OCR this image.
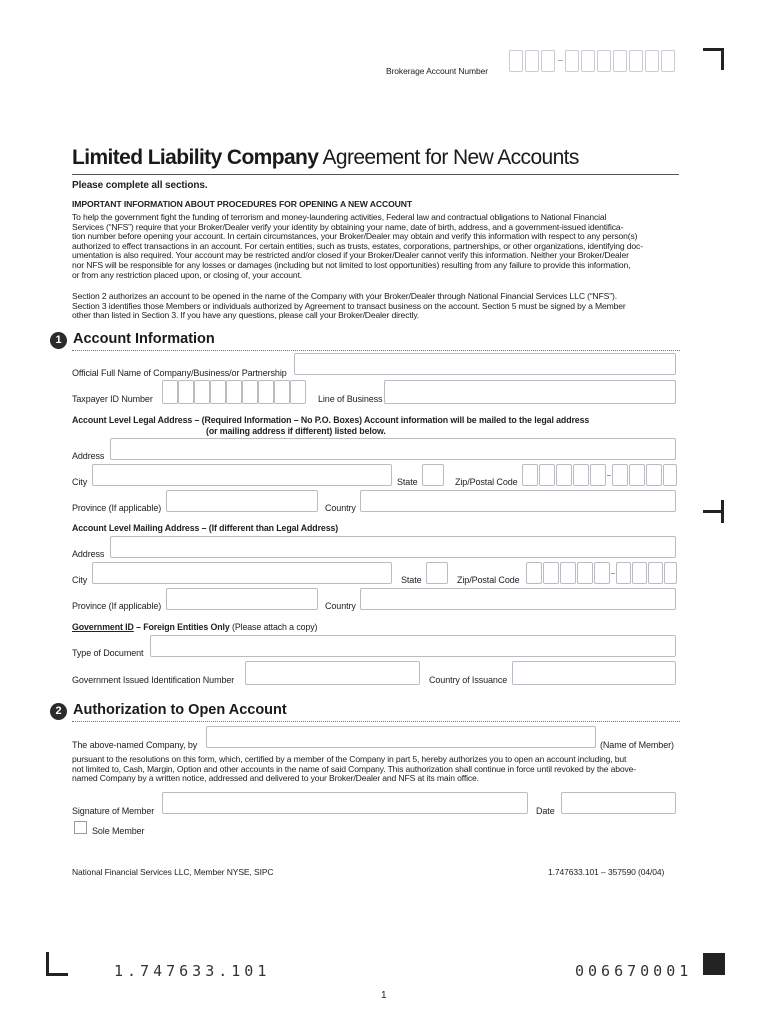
Brokerage Account Number
Limited Liability Company Agreement for New Accounts
Please complete all sections.
IMPORTANT INFORMATION ABOUT PROCEDURES FOR OPENING A NEW ACCOUNT
To help the government fight the funding of terrorism and money-laundering activities, Federal law and contractual obligations to National Financial
Services (“NFS”) require that your Broker/Dealer verify your identity by obtaining your name, date of birth, address, and a government-issued identifica-
tion number before opening your account. In certain circumstances, your Broker/Dealer may obtain and verify this information with respect to any person(s)
authorized to effect transactions in an account. For certain entities, such as trusts, estates, corporations, partnerships, or other organizations, identifying doc-
umentation is also required. Your account may be restricted and/or closed if your Broker/Dealer cannot verify this information. Neither your Broker/Dealer
nor NFS will be responsible for any losses or damages (including but not limited to lost opportunities) resulting from any failure to provide this information,
or from any restriction placed upon, or closing of, your account.
Section 2 authorizes an account to be opened in the name of the Company with your Broker/Dealer through National Financial Services LLC (“NFS”).
Section 3 identifies those Members or individuals authorized by Agreement to transact business on the account. Section 5 must be signed by a Member
other than listed in Section 3. If you have any questions, please call your Broker/Dealer directly.
1 Account Information
Official Full Name of Company/Business/or Partnership
Taxpayer ID Number	Line of Business
Account Level Legal Address – (Required Information – No P.O. Boxes) Account information will be mailed to the legal address
(or mailing address if different) listed below.
Address
City	State	Zip/Postal Code
Province (If applicable)	Country
Account Level Mailing Address – (If different than Legal Address)
Address
City	State	Zip/Postal Code
Province (If applicable)	Country
Government ID – Foreign Entities Only (Please attach a copy)
Type of Document
Government Issued Identification Number	Country of Issuance
2 Authorization to Open Account
The above-named Company, by	(Name of Member)
pursuant to the resolutions on this form, which, certified by a member of the Company in part 5, hereby authorizes you to open an account including, but
not limited to, Cash, Margin, Option and other accounts in the name of said Company. This authorization shall continue in force until revoked by the above-
named Company by a written notice, addressed and delivered to your Broker/Dealer and NFS at its main office.
Signature of Member	Date
Sole Member
National Financial Services LLC, Member NYSE, SIPC	1.747633.101 – 357590 (04/04)
1.747633.101	006670001
1
